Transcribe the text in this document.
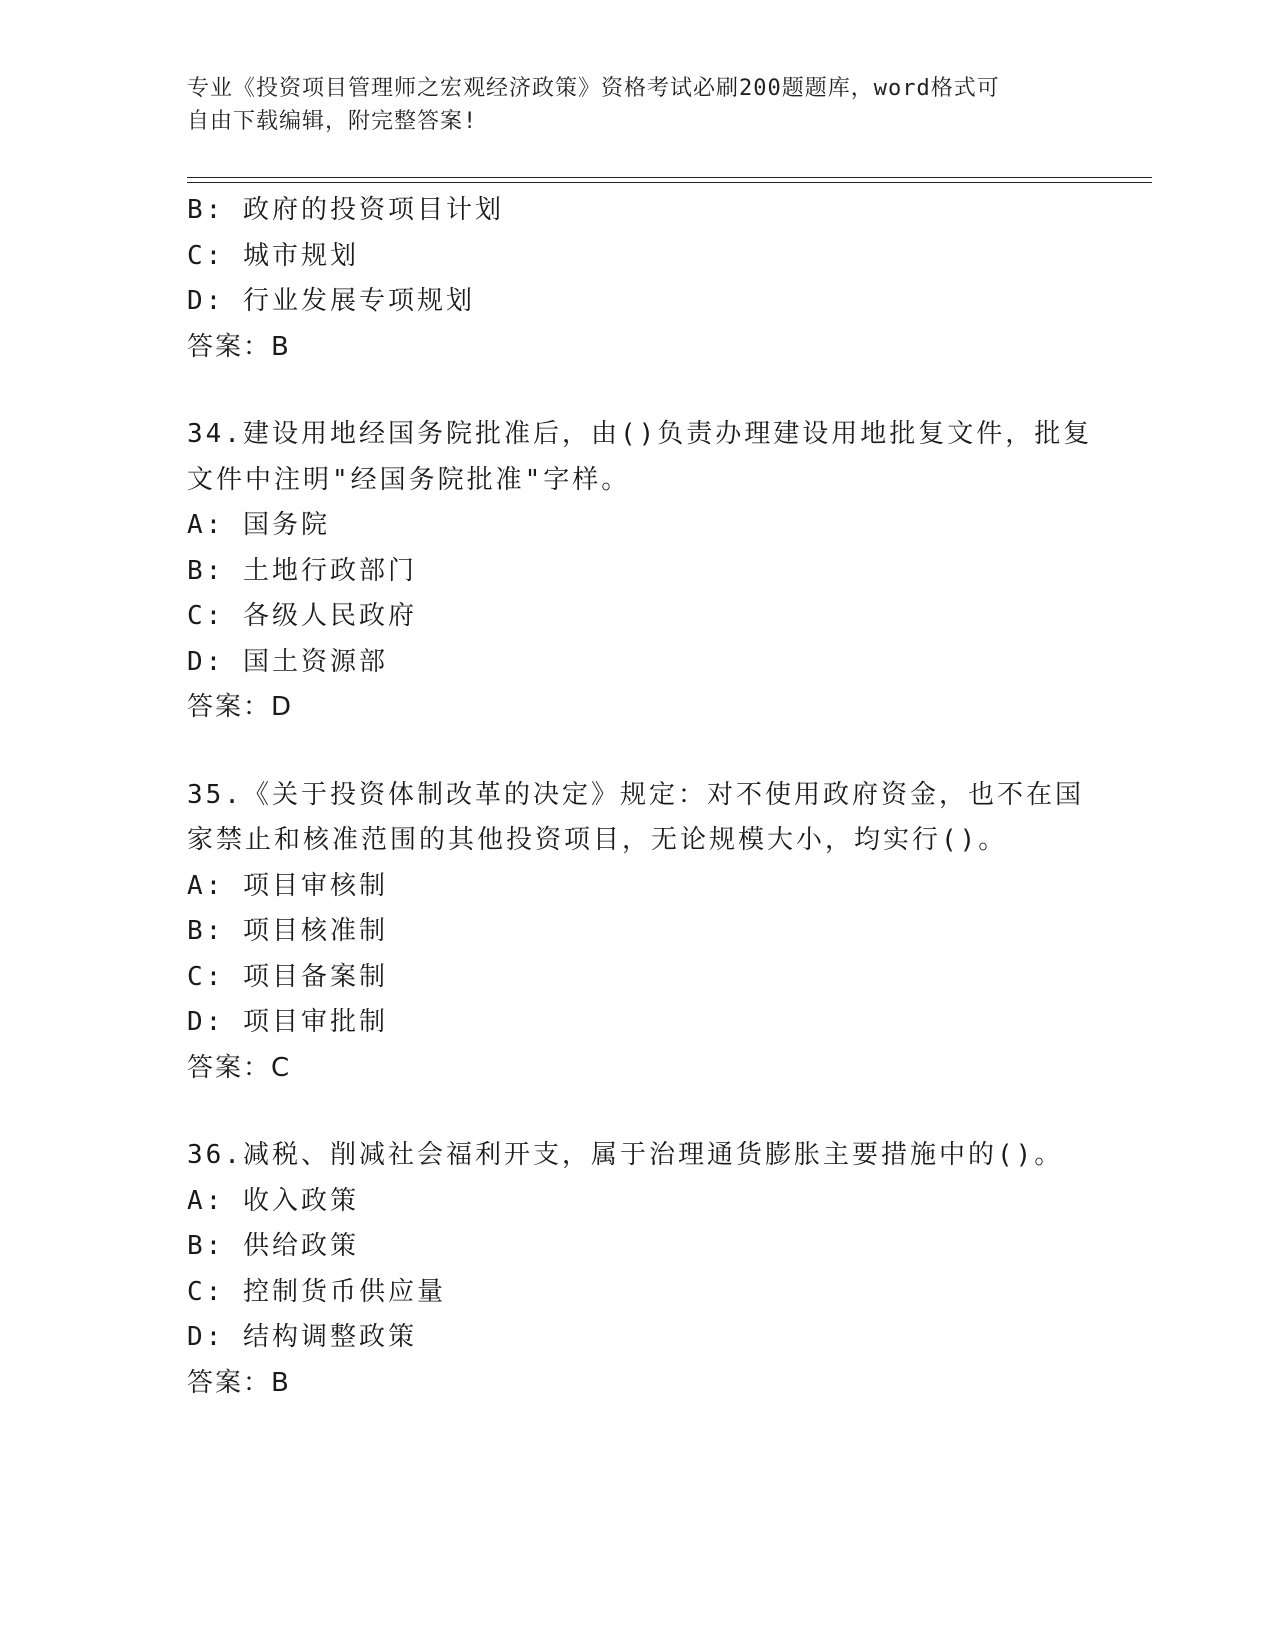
专业《投资项目管理师之宏观经济政策》资格考试必刷200题题库，word格式可
自由下载编辑，附完整答案!
B: 政府的投资项目计划
C: 城市规划
D: 行业发展专项规划
答案：B
34.建设用地经国务院批准后，由()负责办理建设用地批复文件，批复
文件中注明"经国务院批准"字样。
A: 国务院
B: 土地行政部门
C: 各级人民政府
D: 国土资源部
答案：D
35.《关于投资体制改革的决定》规定：对不使用政府资金，也不在国
家禁止和核准范围的其他投资项目，无论规模大小，均实行()。
A: 项目审核制
B: 项目核准制
C: 项目备案制
D: 项目审批制
答案：C
36.减税、削减社会福利开支，属于治理通货膨胀主要措施中的()。
A: 收入政策
B: 供给政策
C: 控制货币供应量
D: 结构调整政策
答案：B
